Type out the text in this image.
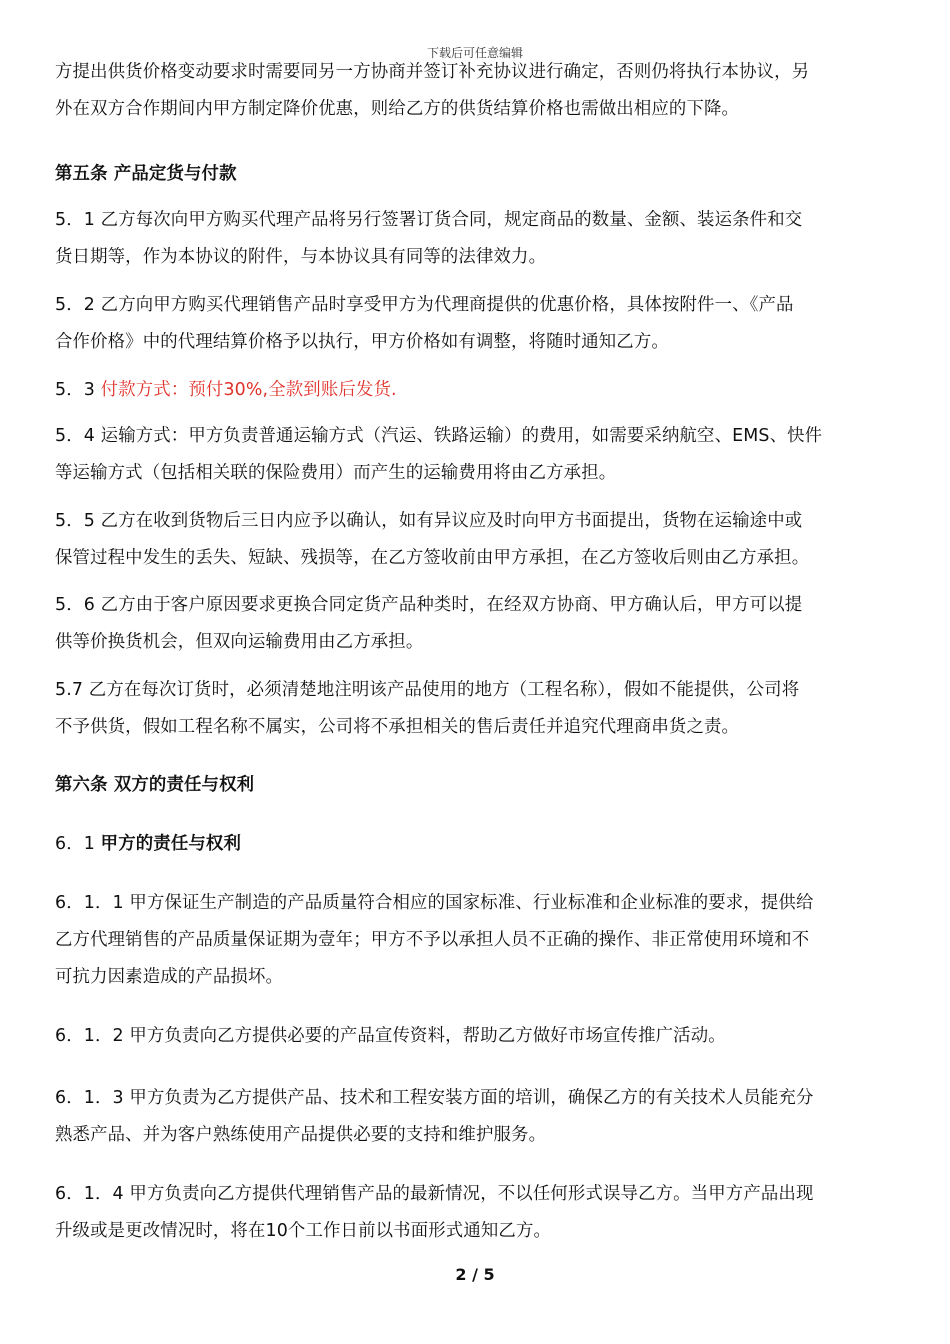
下载后可任意编辑
方提出供货价格变动要求时需要同另一方协商并签订补充协议进行确定，否则仍将执行本协议，另
外在双方合作期间内甲方制定降价优惠，则给乙方的供货结算价格也需做出相应的下降。
第五条 产品定货与付款
5．1 乙方每次向甲方购买代理产品将另行签署订货合同，规定商品的数量、金额、装运条件和交
货日期等，作为本协议的附件，与本协议具有同等的法律效力。
5．2 乙方向甲方购买代理销售产品时享受甲方为代理商提供的优惠价格，具体按附件一、《产品
合作价格》中的代理结算价格予以执行，甲方价格如有调整，将随时通知乙方。
5．3 付款方式：预付30%,全款到账后发货.
5．4 运输方式：甲方负责普通运输方式（汽运、铁路运输）的费用，如需要采纳航空、EMS、快件
等运输方式（包括相关联的保险费用）而产生的运输费用将由乙方承担。
5．5 乙方在收到货物后三日内应予以确认，如有异议应及时向甲方书面提出，货物在运输途中或
保管过程中发生的丢失、短缺、残损等，在乙方签收前由甲方承担，在乙方签收后则由乙方承担。
5．6 乙方由于客户原因要求更换合同定货产品种类时，在经双方协商、甲方确认后，甲方可以提
供等价换货机会，但双向运输费用由乙方承担。
5.7 乙方在每次订货时，必须清楚地注明该产品使用的地方（工程名称），假如不能提供，公司将
不予供货，假如工程名称不属实，公司将不承担相关的售后责任并追究代理商串货之责。
第六条 双方的责任与权利
6．1 甲方的责任与权利
6．1．1 甲方保证生产制造的产品质量符合相应的国家标准、行业标准和企业标准的要求，提供给
乙方代理销售的产品质量保证期为壹年；甲方不予以承担人员不正确的操作、非正常使用环境和不
可抗力因素造成的产品损坏。
6．1．2 甲方负责向乙方提供必要的产品宣传资料，帮助乙方做好市场宣传推广活动。
6．1．3 甲方负责为乙方提供产品、技术和工程安装方面的培训，确保乙方的有关技术人员能充分
熟悉产品、并为客户熟练使用产品提供必要的支持和维护服务。
6．1．4 甲方负责向乙方提供代理销售产品的最新情况，不以任何形式误导乙方。当甲方产品出现
升级或是更改情况时，将在10个工作日前以书面形式通知乙方。
2 / 5
